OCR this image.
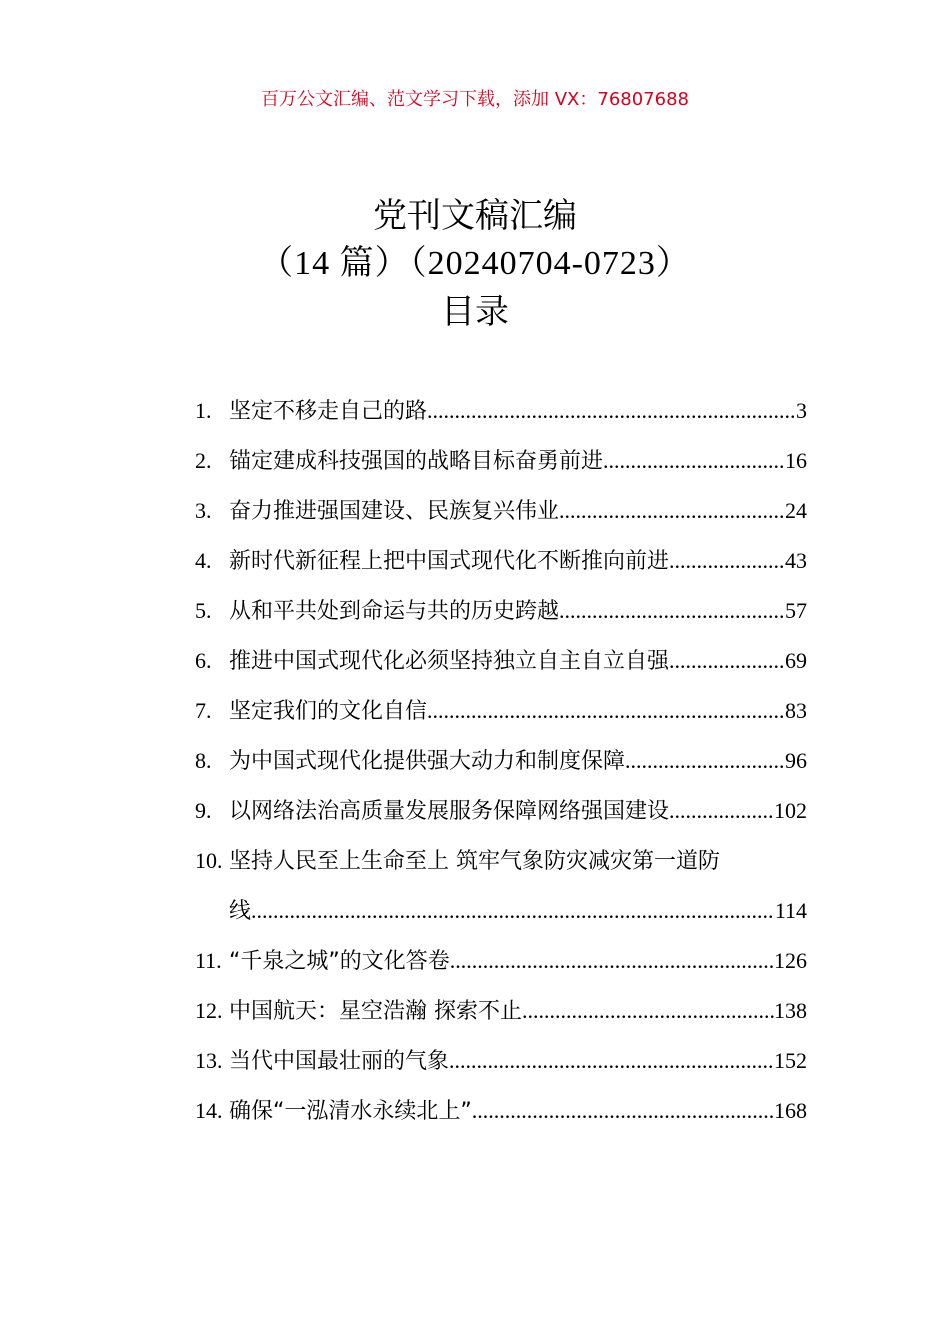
百万公文汇编、范文学习下载，添加 VX：76807688
党刊文稿汇编
（14 篇）（20240704-0723）
目录
1. 坚定不移走自己的路 .....	3
2. 锚定建成科技强国的战略目标奋勇前进 .....	16
3. 奋力推进强国建设、民族复兴伟业 .....	24
4. 新时代新征程上把中国式现代化不断推向前进 .....	43
5. 从和平共处到命运与共的历史跨越 .....	57
6. 推进中国式现代化必须坚持独立自主自立自强 .....	69
7. 坚定我们的文化自信 .....	83
8. 为中国式现代化提供强大动力和制度保障 .....	96
9. 以网络法治高质量发展服务保障网络强国建设 .....	102
10. 坚持人民至上生命至上 筑牢气象防灾减灾第一道防
线 .....	114
11. “千泉之城”的文化答卷 .....	126
12. 中国航天：星空浩瀚 探索不止 .....	138
13. 当代中国最壮丽的气象 .....	152
14. 确保“一泓清水永续北上” .....	168
